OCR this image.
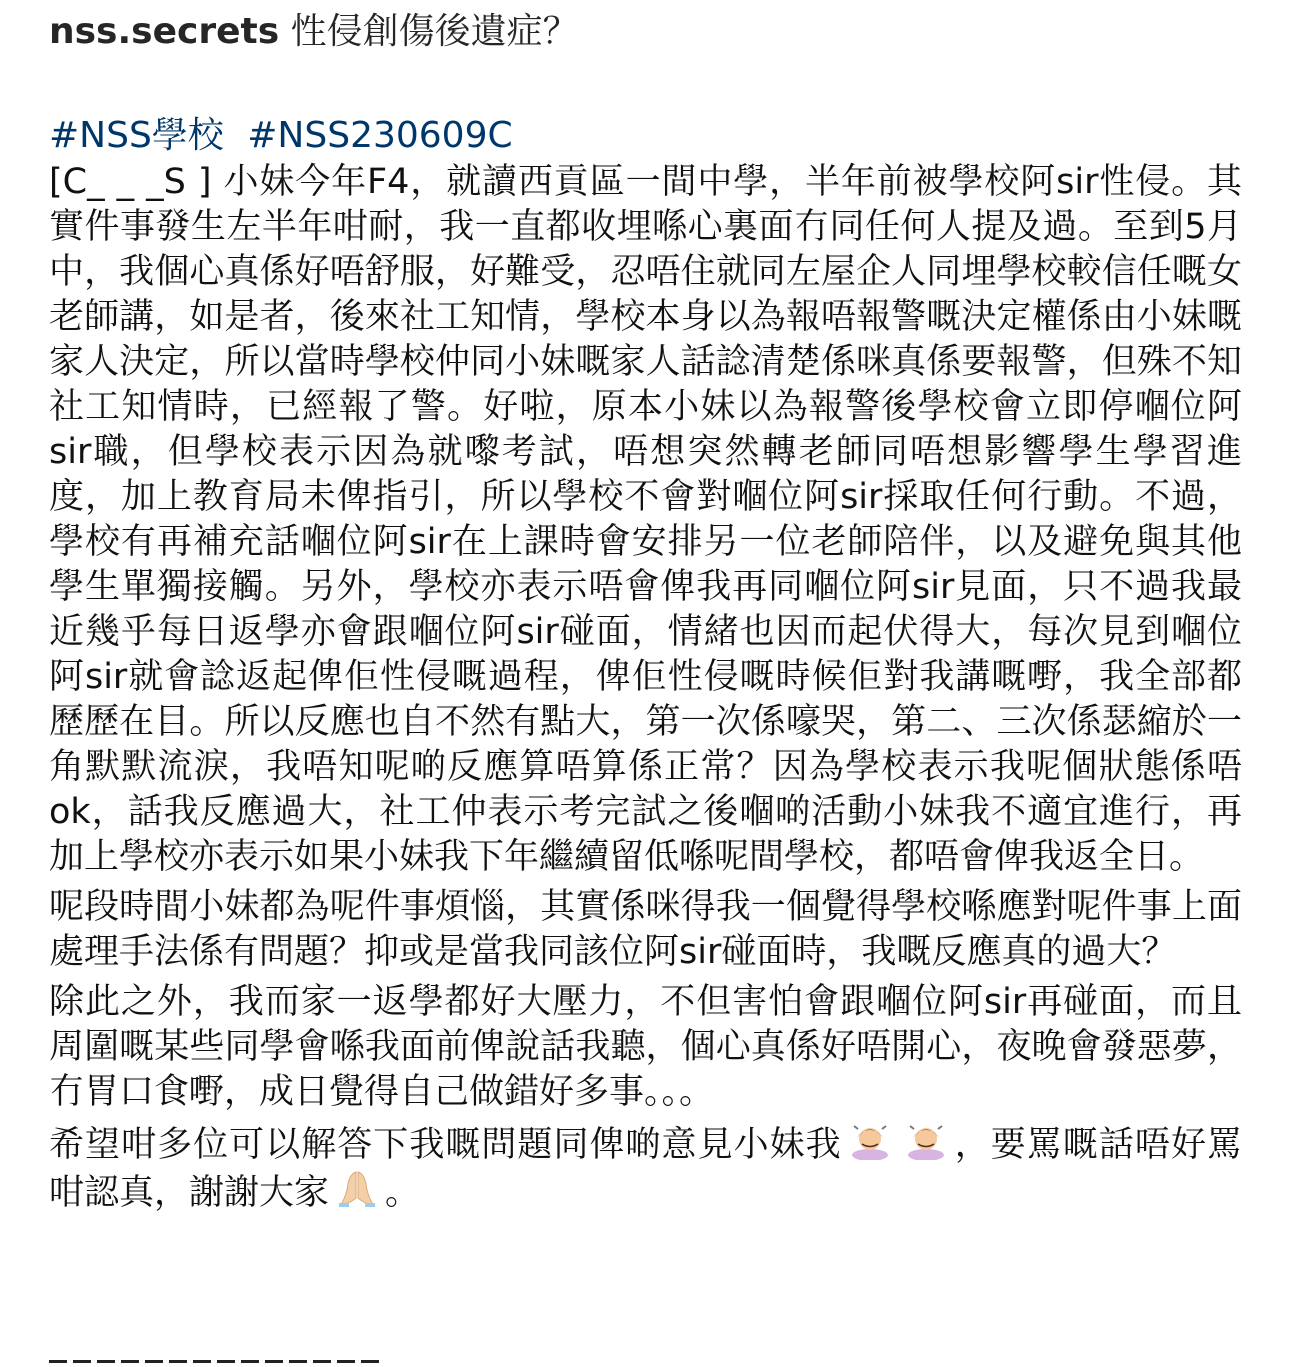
nss.secrets 性侵創傷後遺症？

#NSS學校 #NSS230609C

[C_ _ _S ] 小妹今年F4，就讀西貢區一間中學，半年前被學校阿sir性侵。其實件事發生左半年咁耐，我一直都收埋喺心裏面冇同任何人提及過。至到5月中，我個心真係好唔舒服，好難受，忍唔住就同左屋企人同埋學校較信任嘅女老師講，如是者，後來社工知情，學校本身以為報唔報警嘅決定權係由小妹嘅家人決定，所以當時學校仲同小妹嘅家人話諗清楚係咪真係要報警，但殊不知社工知情時，已經報了警。好啦，原本小妹以為報警後學校會立即停嗰位阿sir職，但學校表示因為就嚟考試，唔想突然轉老師同唔想影響學生學習進度，加上教育局未俾指引，所以學校不會對嗰位阿sir採取任何行動。不過，學校有再補充話嗰位阿sir在上課時會安排另一位老師陪伴，以及避免與其他學生單獨接觸。另外，學校亦表示唔會俾我再同嗰位阿sir見面，只不過我最近幾乎每日返學亦會跟嗰位阿sir碰面，情緒也因而起伏得大，每次見到嗰位阿sir就會諗返起俾佢性侵嘅過程，俾佢性侵嘅時候佢對我講嘅嘢，我全部都歷歷在目。所以反應也自不然有點大，第一次係嚎哭，第二、三次係瑟縮於一角默默流淚，我唔知呢啲反應算唔算係正常？因為學校表示我呢個狀態係唔ok，話我反應過大，社工仲表示考完試之後嗰啲活動小妹我不適宜進行，再加上學校亦表示如果小妹我下年繼續留低喺呢間學校，都唔會俾我返全日。

呢段時間小妹都為呢件事煩惱，其實係咪得我一個覺得學校喺應對呢件事上面處理手法係有問題？抑或是當我同該位阿sir碰面時，我嘅反應真的過大？

除此之外，我而家一返學都好大壓力，不但害怕會跟嗰位阿sir再碰面，而且周圍嘅某些同學會喺我面前俾說話我聽，個心真係好唔開心，夜晚會發惡夢，冇胃口食嘢，成日覺得自己做錯好多事。。。

希望咁多位可以解答下我嘅問題同俾啲意見小妹我	，要罵嘅話唔好罵咁認真，謝謝大家 。
